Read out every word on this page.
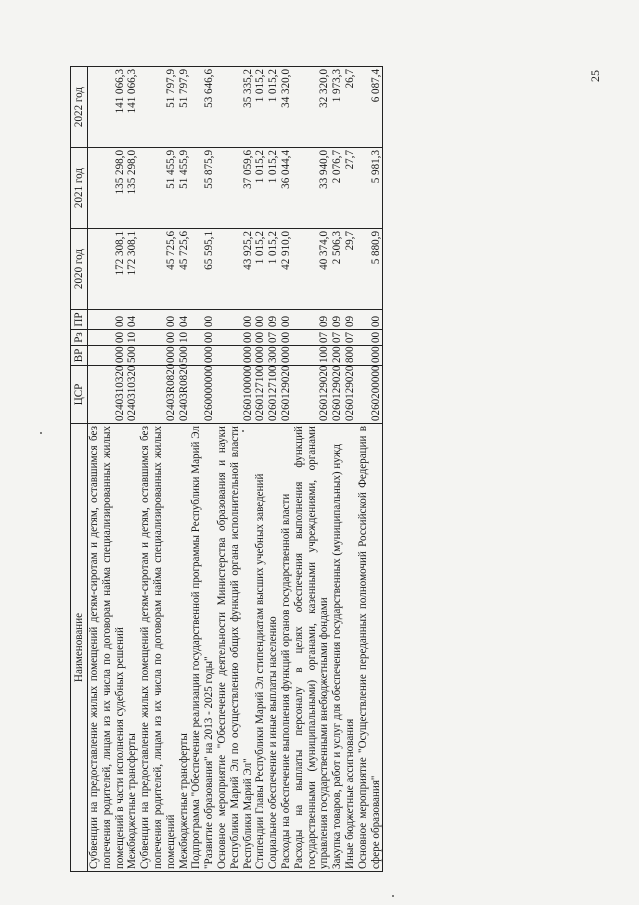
25
Наименование	ЦСР	ВР	Рз	ПР	2020 год	2021 год	2022 год
Субвенции на предоставление жилых помещений детям-сиротам и детям, оставшимся без попечения родителей, лицам из их числа по договорам найма специализированных жилых помещений в части исполнения судебных решений	0240310320	000	00	00	172 308,1	135 298,0	141 066,3
Межбюджетные трансферты	0240310320	500	10	04	172 308,1	135 298,0	141 066,3
Субвенции на предоставление жилых помещений детям-сиротам и детям, оставшимся без попечения родителей, лицам из их числа по договорам найма специализированных жилых помещений	02403R0820	000	00	00	45 725,6	51 455,9	51 797,9
Межбюджетные трансферты	02403R0820	500	10	04	45 725,6	51 455,9	51 797,9
Подпрограмма "Обеспечение реализации государственной программы Республики Марий Эл "Развитие образования" на 2013 - 2025 годы"	0260000000	000	00	00	65 595,1	55 875,9	53 646,6
Основное мероприятие "Обеспечение деятельности Министерства образования и науки Республики Марий Эл по осуществлению общих функций органа исполнительной власти Республики Марий Эл"	0260100000	000	00	00	43 925,2	37 059,6	35 335,2
Стипендии Главы Республики Марий Эл стипендиатам высших учебных заведений	0260127100	000	00	00	1 015,2	1 015,2	1 015,2
Социальное обеспечение и иные выплаты населению	0260127100	300	07	09	1 015,2	1 015,2	1 015,2
Расходы на обеспечение выполнения функций органов государственной власти	0260129020	000	00	00	42 910,0	36 044,4	34 320,0
Расходы на выплаты персоналу в целях обеспечения выполнения функций государственными (муниципальными) органами, казенными учреждениями, органами управления государственными внебюджетными фондами	0260129020	100	07	09	40 374,0	33 940,0	32 320,0
Закупка товаров, работ и услуг для обеспечения государственных (муниципальных) нужд	0260129020	200	07	09	2 506,3	2 076,7	1 973,3
Иные бюджетные ассигнования	0260129020	800	07	09	29,7	27,7	26,7
Основное мероприятие "Осуществление переданных полномочий Российской Федерации в сфере образования"	0260200000	000	00	00	5 880,9	5 981,3	6 087,4
